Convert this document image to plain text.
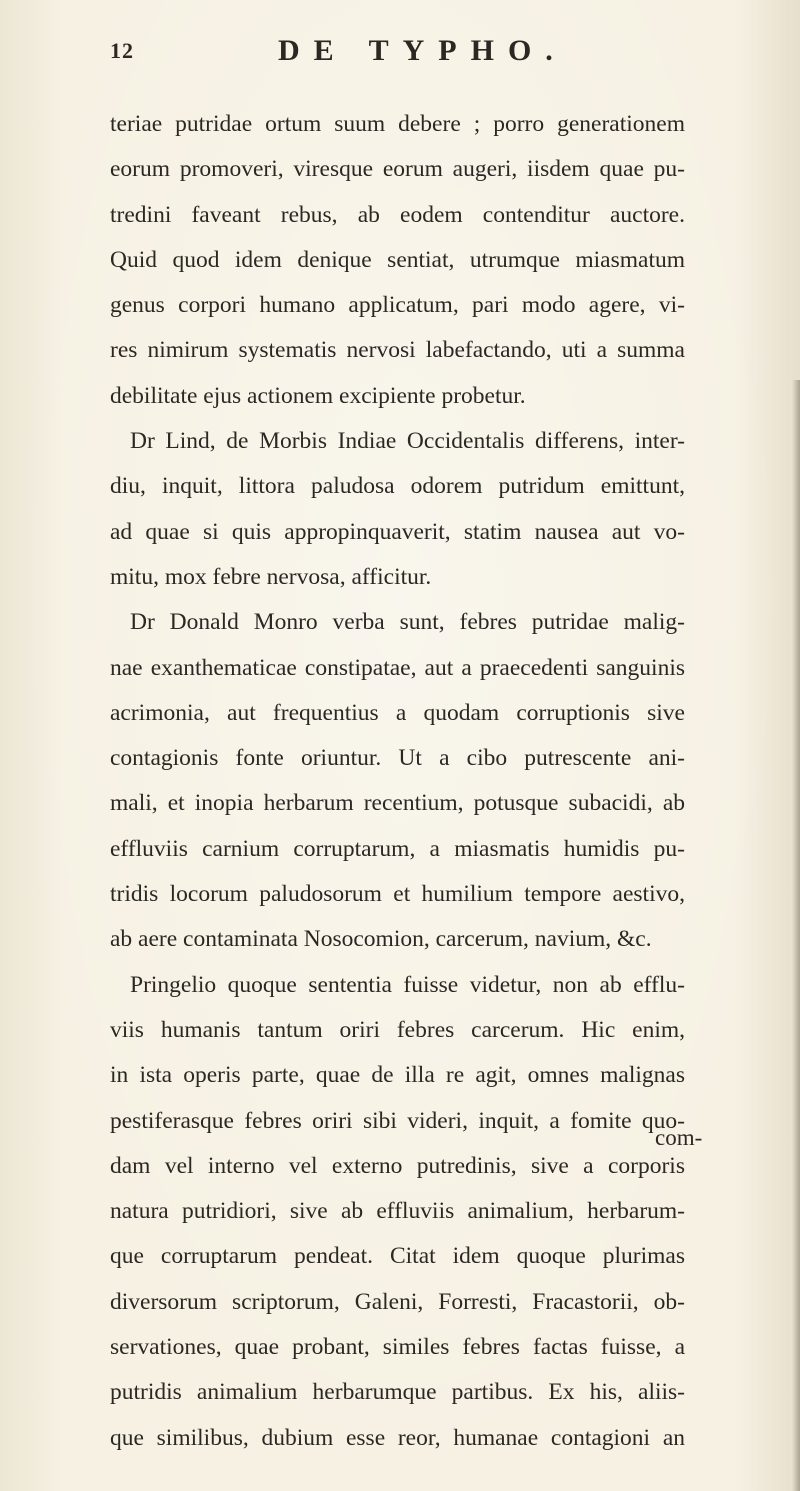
12	DE TYPHO.
teriae putridae ortum suum debere ; porro generationem
eorum promoveri, viresque eorum augeri, iisdem quae pu-
tredini faveant rebus, ab eodem contenditur auctore.
Quid quod idem denique sentiat, utrumque miasmatum
genus corpori humano applicatum, pari modo agere, vi-
res nimirum systematis nervosi labefactando, uti a summa
debilitate ejus actionem excipiente probetur.
Dr Lind, de Morbis Indiae Occidentalis differens, inter-
diu, inquit, littora paludosa odorem putridum emittunt,
ad quae si quis appropinquaverit, statim nausea aut vo-
mitu, mox febre nervosa, afficitur.
Dr Donald Monro verba sunt, febres putridae malig-
nae exanthematicae constipatae, aut a praecedenti sanguinis
acrimonia, aut frequentius a quodam corruptionis sive
contagionis fonte oriuntur. Ut a cibo putrescente ani-
mali, et inopia herbarum recentium, potusque subacidi, ab
effluviis carnium corruptarum, a miasmatis humidis pu-
tridis locorum paludosorum et humilium tempore aestivo,
ab aere contaminata Nosocomion, carcerum, navium, &c.
Pringelio quoque sententia fuisse videtur, non ab efflu-
viis humanis tantum oriri febres carcerum. Hic enim,
in ista operis parte, quae de illa re agit, omnes malignas
pestiferasque febres oriri sibi videri, inquit, a fomite quo-
dam vel interno vel externo putredinis, sive a corporis
natura putridiori, sive ab effluviis animalium, herbarum-
que corruptarum pendeat. Citat idem quoque plurimas
diversorum scriptorum, Galeni, Forresti, Fracastorii, ob-
servationes, quae probant, similes febres factas fuisse, a
putridis animalium herbarumque partibus. Ex his, aliis-
que similibus, dubium esse reor, humanae contagioni an
com-
